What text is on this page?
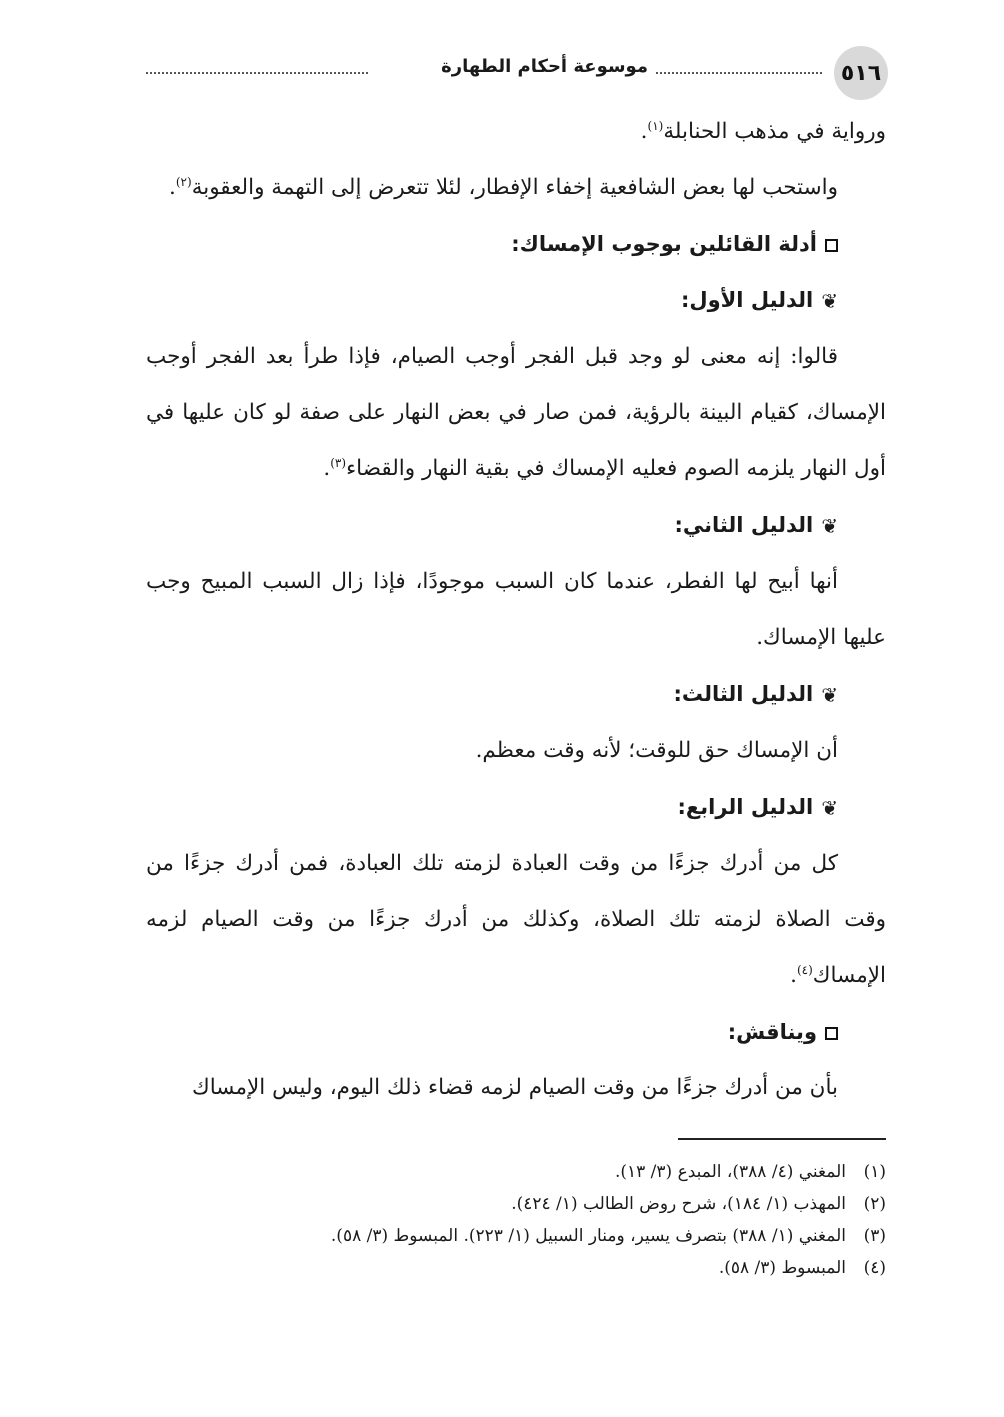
٥١٦
موسوعة أحكام الطهارة

ورواية في مذهب الحنابلة$^{(١)}$.

واستحب لها بعض الشافعية إخفاء الإفطار، لئلا تتعرض إلى التهمة والعقوبة$^{(٢)}$.

أدلة القائلين بوجوب الإمساك:

❦الدليل الأول:

قالوا: إنه معنى لو وجد قبل الفجر أوجب الصيام، فإذا طرأ بعد الفجر أوجب الإمساك، كقيام البينة بالرؤية، فمن صار في بعض النهار على صفة لو كان عليها في أول النهار يلزمه الصوم فعليه الإمساك في بقية النهار والقضاء$^{(٣)}$.

❦الدليل الثاني:

أنها أبيح لها الفطر، عندما كان السبب موجودًا، فإذا زال السبب المبيح وجب عليها الإمساك.

❦الدليل الثالث:

أن الإمساك حق للوقت؛ لأنه وقت معظم.

❦الدليل الرابع:

كل من أدرك جزءًا من وقت العبادة لزمته تلك العبادة، فمن أدرك جزءًا من وقت الصلاة لزمته تلك الصلاة، وكذلك من أدرك جزءًا من وقت الصيام لزمه الإمساك$^{(٤)}$.

ويناقش:

بأن من أدرك جزءًا من وقت الصيام لزمه قضاء ذلك اليوم، وليس الإمساك

(١)المغني (٤/ ٣٨٨)، المبدع (٣/ ١٣).

(٢)المهذب (١/ ١٨٤)، شرح روض الطالب (١/ ٤٢٤).

(٣)المغني (١/ ٣٨٨) بتصرف يسير، ومنار السبيل (١/ ٢٢٣). المبسوط (٣/ ٥٨).

(٤)المبسوط (٣/ ٥٨).
